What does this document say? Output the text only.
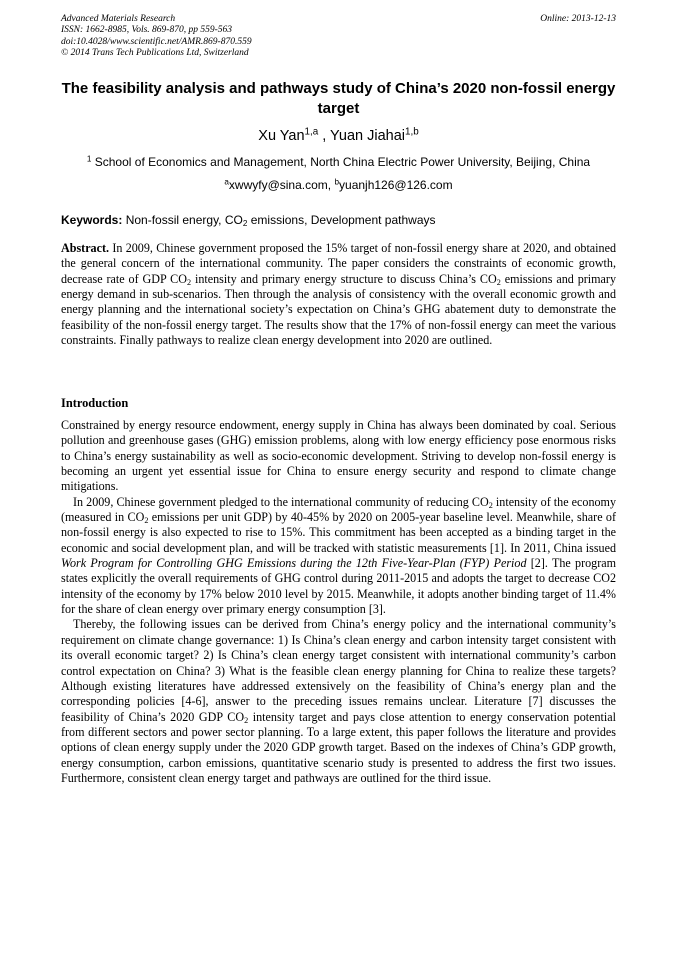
Advanced Materials Research
ISSN: 1662-8985, Vols. 869-870, pp 559-563
doi:10.4028/www.scientific.net/AMR.869-870.559
© 2014 Trans Tech Publications Ltd, Switzerland
Online: 2013-12-13
The feasibility analysis and pathways study of China’s 2020 non-fossil energy target
Xu Yan$^{1,a}$ , Yuan Jiahai$^{1,b}$
$^1$ School of Economics and Management, North China Electric Power University, Beijing, China
$^a$xwwyfy@sina.com, $^b$yuanjh126@126.com
Keywords: Non-fossil energy, $CO_2$ emissions, Development pathways

Abstract. In 2009, Chinese government proposed the 15% target of non-fossil energy share at 2020, and obtained the general concern of the international community. The paper considers the constraints of economic growth, decrease rate of GDP $CO_2$ intensity and primary energy structure to discuss China’s $CO_2$ emissions and primary energy demand in sub-scenarios. Then through the analysis of consistency with the overall economic growth and energy planning and the international society’s expectation on China’s GHG abatement duty to demonstrate the feasibility of the non-fossil energy target. The results show that the 17% of non-fossil energy can meet the various constraints. Finally pathways to realize clean energy development into 2020 are outlined.

Introduction

Constrained by energy resource endowment, energy supply in China has always been dominated by coal. Serious pollution and greenhouse gases (GHG) emission problems, along with low energy efficiency pose enormous risks to China’s energy sustainability as well as socio-economic development. Striving to develop non-fossil energy is becoming an urgent yet essential issue for China to ensure energy security and respond to climate change mitigations.

In 2009, Chinese government pledged to the international community of reducing $CO_2$ intensity of the economy (measured in $CO_2$ emissions per unit GDP) by 40-45% by 2020 on 2005-year baseline level. Meanwhile, share of non-fossil energy is also expected to rise to 15%. This commitment has been accepted as a binding target in the economic and social development plan, and will be tracked with statistic measurements [1]. In 2011, China issued Work Program for Controlling GHG Emissions during the 12th Five-Year-Plan (FYP) Period [2]. The program states explicitly the overall requirements of GHG control during 2011-2015 and adopts the target to decrease CO2 intensity of the economy by 17% below 2010 level by 2015. Meanwhile, it adopts another binding target of 11.4% for the share of clean energy over primary energy consumption [3].

Thereby, the following issues can be derived from China’s energy policy and the international community’s requirement on climate change governance: 1) Is China’s clean energy and carbon intensity target consistent with its overall economic target? 2) Is China’s clean energy target consistent with international community’s carbon control expectation on China? 3) What is the feasible clean energy planning for China to realize these targets? Although existing literatures have addressed extensively on the feasibility of China’s energy plan and the corresponding policies [4-6], answer to the preceding issues remains unclear. Literature [7] discusses the feasibility of China’s 2020 GDP $CO_2$ intensity target and pays close attention to energy conservation potential from different sectors and power sector planning. To a large extent, this paper follows the literature and provides options of clean energy supply under the 2020 GDP growth target. Based on the indexes of China’s GDP growth, energy consumption, carbon emissions, quantitative scenario study is presented to address the first two issues. Furthermore, consistent clean energy target and pathways are outlined for the third issue.
